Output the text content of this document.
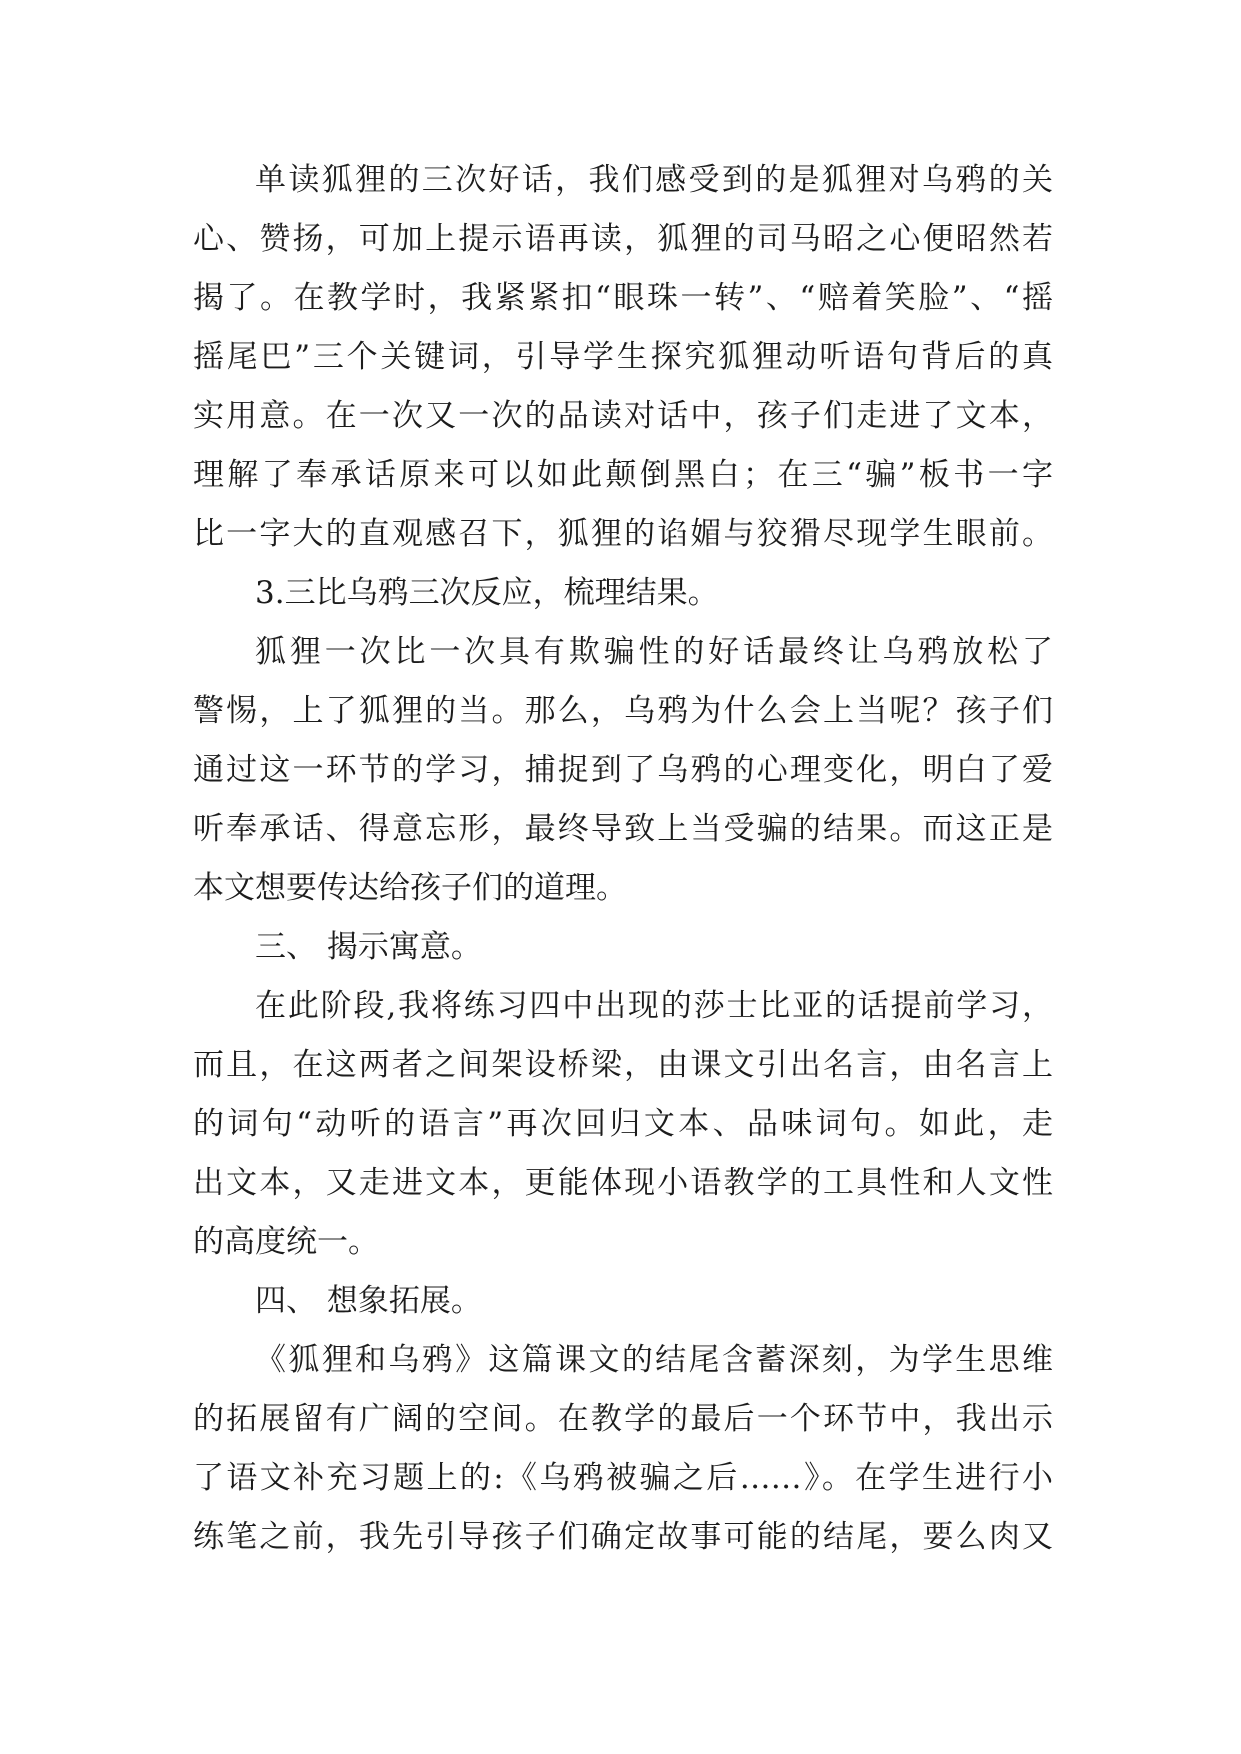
单读狐狸的三次好话，我们感受到的是狐狸对乌鸦的关
心、赞扬，可加上提示语再读，狐狸的司马昭之心便昭然若
揭了。在教学时，我紧紧扣“眼珠一转”、“赔着笑脸”、“摇
摇尾巴”三个关键词，引导学生探究狐狸动听语句背后的真
实用意。在一次又一次的品读对话中，孩子们走进了文本，
理解了奉承话原来可以如此颠倒黑白；在三“骗”板书一字
比一字大的直观感召下，狐狸的谄媚与狡猾尽现学生眼前。
3.三比乌鸦三次反应，梳理结果。
狐狸一次比一次具有欺骗性的好话最终让乌鸦放松了
警惕，上了狐狸的当。那么，乌鸦为什么会上当呢？孩子们
通过这一环节的学习，捕捉到了乌鸦的心理变化，明白了爱
听奉承话、得意忘形，最终导致上当受骗的结果。而这正是
本文想要传达给孩子们的道理。
三、 揭示寓意。
在此阶段,我将练习四中出现的莎士比亚的话提前学习，
而且，在这两者之间架设桥梁，由课文引出名言，由名言上
的词句“动听的语言”再次回归文本、品味词句。如此，走
出文本，又走进文本，更能体现小语教学的工具性和人文性
的高度统一。
四、 想象拓展。
《狐狸和乌鸦》这篇课文的结尾含蓄深刻，为学生思维
的拓展留有广阔的空间。在教学的最后一个环节中，我出示
了语文补充习题上的:《乌鸦被骗之后……》。在学生进行小
练笔之前，我先引导孩子们确定故事可能的结尾，要么肉又
